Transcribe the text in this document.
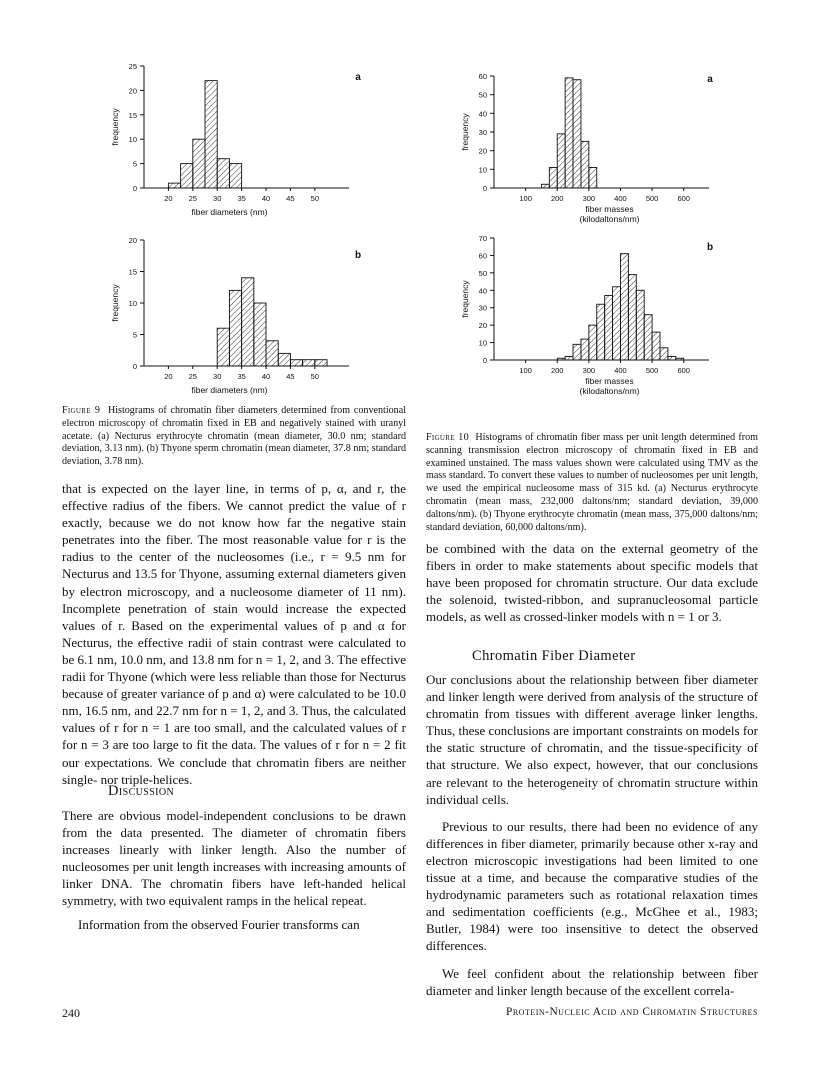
0
5
10
15
20
25
20 25 30 35 40 45 50
frequency
fiber diameters (nm)
a
0
5
10
15
20
20 25 30 35 40 45 50
frequency
fiber diameters (nm)
b
0
10
20
30
40
50
60
100	200	300	400	500	600
frequency
fiber masses
(kilodaltons/nm)
a
0
10
20
30
40
50
60
70
100	200	300	400	500	600
frequency
fiber masses
(kilodaltons/nm)
b
Figure 9 Histograms of chromatin fiber diameters determined from conventional electron microscopy of chromatin fixed in EB and negatively stained with uranyl acetate. (a) Necturus erythrocyte chromatin (mean diameter, 30.0 nm; standard deviation, 3.13 nm). (b) Thyone sperm chromatin (mean diameter, 37.8 nm; standard deviation, 3.78 nm).
Figure 10 Histograms of chromatin fiber mass per unit length determined from scanning transmission electron microscopy of chromatin fixed in EB and examined unstained. The mass values shown were calculated using TMV as the mass standard. To convert these values to number of nucleosomes per unit length, we used the empirical nucleosome mass of 315 kd. (a) Necturus erythrocyte chromatin (mean mass, 232,000 daltons/nm; standard deviation, 39,000 daltons/nm). (b) Thyone erythrocyte chromatin (mean mass, 375,000 daltons/nm; standard deviation, 60,000 daltons/nm).

that is expected on the layer line, in terms of p, α, and r, the effective radius of the fibers. We cannot predict the value of r exactly, because we do not know how far the negative stain penetrates into the fiber. The most reasonable value for r is the radius to the center of the nucleosomes (i.e., r = 9.5 nm for Necturus and 13.5 for Thyone, assuming external diameters given by electron microscopy, and a nucleosome diameter of 11 nm). Incomplete penetration of stain would increase the expected values of r. Based on the experimental values of p and α for Necturus, the effective radii of stain contrast were calculated to be 6.1 nm, 10.0 nm, and 13.8 nm for n = 1, 2, and 3. The effective radii for Thyone (which were less reliable than those for Necturus because of greater variance of p and α) were calculated to be 10.0 nm, 16.5 nm, and 22.7 nm for n = 1, 2, and 3. Thus, the calculated values of r for n = 1 are too small, and the calculated values of r for n = 3 are too large to fit the data. The values of r for n = 2 fit our expectations. We conclude that chromatin fibers are neither single- nor triple-helices.

Discussion

There are obvious model-independent conclusions to be drawn from the data presented. The diameter of chromatin fibers increases linearly with linker length. Also the number of nucleosomes per unit length increases with increasing amounts of linker DNA. The chromatin fibers have left-handed helical symmetry, with two equivalent ramps in the helical repeat.

Information from the observed Fourier transforms can

be combined with the data on the external geometry of the fibers in order to make statements about specific models that have been proposed for chromatin structure. Our data exclude the solenoid, twisted-ribbon, and supranucleosomal particle models, as well as crossed-linker models with n = 1 or 3.

Chromatin Fiber Diameter

Our conclusions about the relationship between fiber diameter and linker length were derived from analysis of the structure of chromatin from tissues with different average linker lengths. Thus, these conclusions are important constraints on models for the static structure of chromatin, and the tissue-specificity of that structure. We also expect, however, that our conclusions are relevant to the heterogeneity of chromatin structure within individual cells.

Previous to our results, there had been no evidence of any differences in fiber diameter, primarily because other x-ray and electron microscopic investigations had been limited to one tissue at a time, and because the comparative studies of the hydrodynamic parameters such as rotational relaxation times and sedimentation coefficients (e.g., McGhee et al., 1983; Butler, 1984) were too insensitive to detect the observed differences.

We feel confident about the relationship between fiber diameter and linker length because of the excellent correla-

240	Protein-Nucleic Acid and Chromatin Structures
